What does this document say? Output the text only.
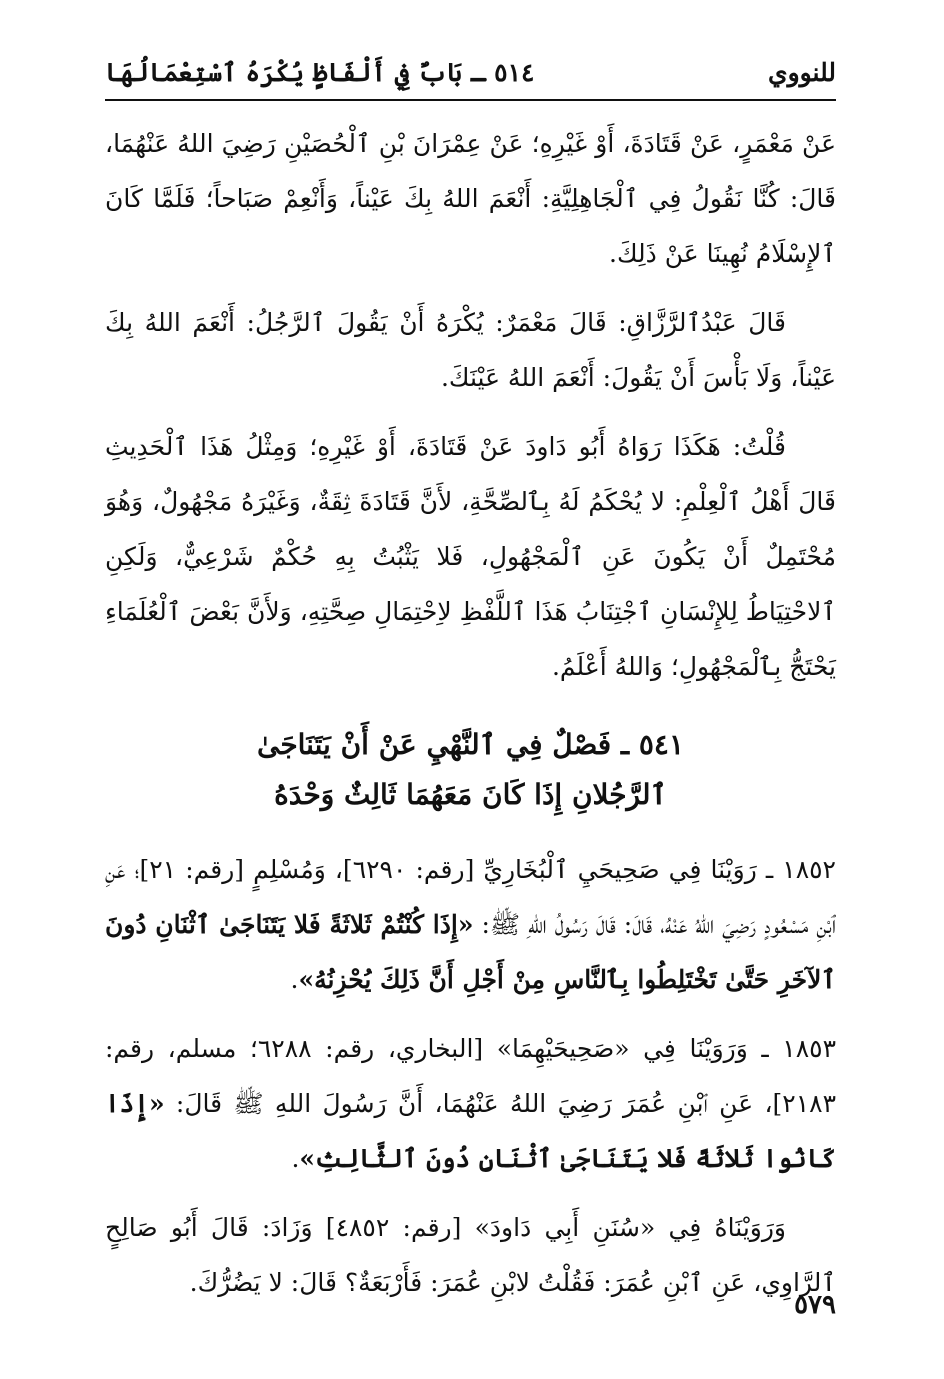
للنووي
٥١٤ ـ بَابٌ فِي أَلْفَاظٍ يُكْرَهُ ٱسْتِعْمَالُهَا

عَنْ مَعْمَرٍ، عَنْ قَتَادَةَ، أَوْ غَيْرِهِ؛ عَنْ عِمْرَانَ بْنِ ٱلْحُصَيْنِ رَضِيَ اللهُ عَنْهُمَا، قَالَ: كُنَّا نَقُولُ فِي ٱلْجَاهِلِيَّةِ: أَنْعَمَ اللهُ بِكَ عَيْناً، وَأَنْعِمْ صَبَاحاً؛ فَلَمَّا كَانَ ٱلإِسْلَامُ نُهِينَا عَنْ ذَلِكَ.

قَالَ عَبْدُٱلرَّزَّاقِ: قَالَ مَعْمَرٌ: يُكْرَهُ أَنْ يَقُولَ ٱلرَّجُلُ: أَنْعَمَ اللهُ بِكَ عَيْناً، وَلَا بَأْسَ أَنْ يَقُولَ: أَنْعَمَ اللهُ عَيْنَكَ.

قُلْتُ: هَكَذَا رَوَاهُ أَبُو دَاودَ عَنْ قَتَادَةَ، أَوْ غَيْرِهِ؛ وَمِثْلُ هَذَا ٱلْحَدِيثِ قَالَ أَهْلُ ٱلْعِلْمِ: لا يُحْكَمُ لَهُ بِٱلصِّحَّةِ، لأَنَّ قَتَادَةَ ثِقَةٌ، وَغَيْرَهُ مَجْهُولٌ، وَهُوَ مُحْتَمِلٌ أَنْ يَكُونَ عَنِ ٱلْمَجْهُولِ، فَلا يَثْبُتُ بِهِ حُكْمٌ شَرْعِيٌّ، وَلَكِنِ ٱلاحْتِيَاطُ لِلإِنْسَانِ ٱجْتِنَابُ هَذَا ٱللَّفْظِ لاِحْتِمَالِ صِحَّتِهِ، وَلأَنَّ بَعْضَ ٱلْعُلَمَاءِ يَحْتَجُّ بِٱلْمَجْهُولِ؛ وَاللهُ أَعْلَمُ.

٥٤١ ـ فَصْلٌ فِي ٱلنَّهْيِ عَنْ أَنْ يَتَنَاجَىٰ
ٱلرَّجُلانِ إِذَا كَانَ مَعَهُمَا ثَالِثٌ وَحْدَهُ

١٨٥٢ ـ رَوَيْنَا فِي صَحِيحَيِ ٱلْبُخَارِيِّ [رقم: ٦٢٩٠]، وَمُسْلِمٍ [رقم: ٢١]؛ عَنِ ٱبْنِ مَسْعُودٍ رَضِيَ اللهُ عَنْهُ، قَالَ: قَالَ رَسُولُ اللهِ ﷺ: «إِذَا كُنْتُمْ ثَلاثَةً فَلا يَتَنَاجَىٰ ٱثْنَانِ دُونَ ٱلآخَرِ حَتَّىٰ تَخْتَلِطُوا بِٱلنَّاسِ مِنْ أَجْلِ أَنَّ ذَلِكَ يُحْزِنُهُ».

١٨٥٣ ـ وَرَوَيْنَا فِي «صَحِيحَيْهِمَا» [البخاري، رقم: ٦٢٨٨؛ مسلم، رقم: ٢١٨٣]، عَنِ ٱبْنِ عُمَرَ رَضِيَ اللهُ عَنْهُمَا، أَنَّ رَسُولَ اللهِ ﷺ قَالَ: «إِذَا كَانُوا ثَلاثَةً فَلا يَتَنَاجَىٰ ٱثْنَانِ دُونَ ٱلثَّالِثِ».

وَرَوَيْنَاهُ فِي «سُنَنِ أَبِي دَاودَ» [رقم: ٤٨٥٢] وَزَادَ: قَالَ أَبُو صَالِحٍ ٱلرَّاوِي، عَنِ ٱبْنِ عُمَرَ: فَقُلْتُ لابْنِ عُمَرَ: فَأَرْبَعَةٌ؟ قَالَ: لا يَضُرُّكَ.

٥٧٩
